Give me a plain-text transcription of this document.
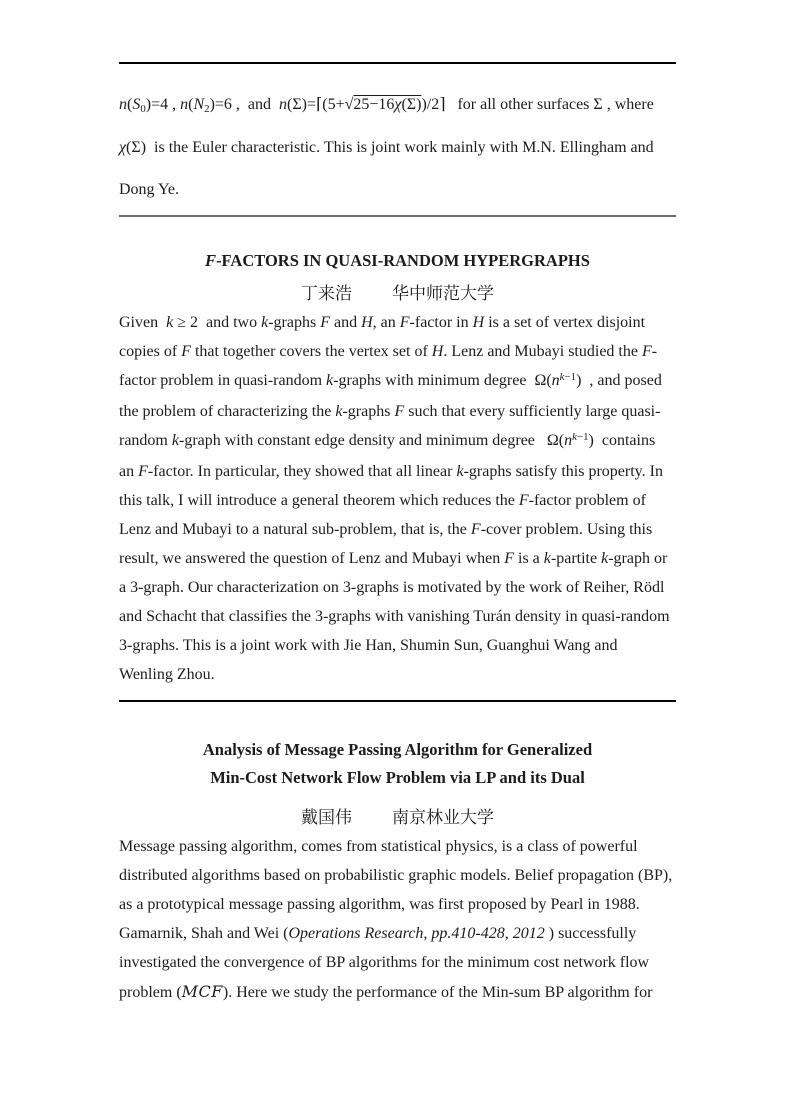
n(S0)=4 , n(N2)=6 ,  and  n(Σ)=⌈(5+√25−16χ(Σ))/2⌉   for all other surfaces Σ , where
χ(Σ)  is the Euler characteristic. This is joint work mainly with M.N. Ellingham and
Dong Ye.
F-FACTORS IN QUASI-RANDOM HYPERGRAPHS
丁来浩 华中师范大学
Given  k ≥ 2  and two k-graphs F and H, an F-factor in H is a set of vertex disjoint
copies of F that together covers the vertex set of H. Lenz and Mubayi studied the F-
factor problem in quasi-random k-graphs with minimum degree  $\Omega(n^{k-1})$  , and posed
the problem of characterizing the k-graphs F such that every sufficiently large quasi-
random k-graph with constant edge density and minimum degree   $\Omega(n^{k-1})$  contains
an F-factor. In particular, they showed that all linear k-graphs satisfy this property. In
this talk, I will introduce a general theorem which reduces the F-factor problem of
Lenz and Mubayi to a natural sub-problem, that is, the F-cover problem. Using this
result, we answered the question of Lenz and Mubayi when F is a k-partite k-graph or
a 3-graph. Our characterization on 3-graphs is motivated by the work of Reiher, Rödl
and Schacht that classifies the 3-graphs with vanishing Turán density in quasi-random
3-graphs. This is a joint work with Jie Han, Shumin Sun, Guanghui Wang and
Wenling Zhou.
Analysis of Message Passing Algorithm for Generalized
Min-Cost Network Flow Problem via LP and its Dual
戴国伟 南京林业大学
Message passing algorithm, comes from statistical physics, is a class of powerful
distributed algorithms based on probabilistic graphic models. Belief propagation (BP),
as a prototypical message passing algorithm, was first proposed by Pearl in 1988.
Gamarnik, Shah and Wei (Operations Research, pp.410-428, 2012 ) successfully
investigated the convergence of BP algorithms for the minimum cost network flow
problem (MCF). Here we study the performance of the Min-sum BP algorithm for
